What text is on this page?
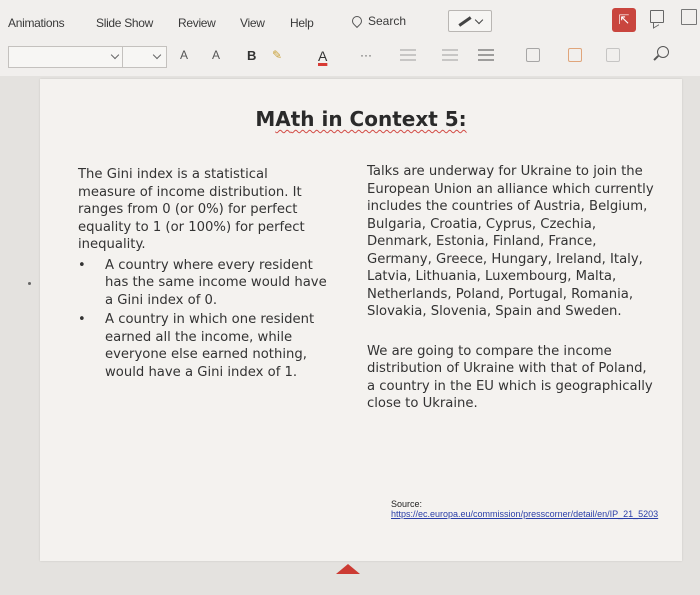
Animations	Slide Show Review View Help	Search	⇱
A A B ✎	A	···
MAth in Context 5:

The Gini index is a statistical measure of income distribution. It ranges from 0 (or 0%) for perfect equality to 1 (or 100%) for perfect inequality.

• A country where every resident has the same income would have a Gini index of 0.
• A country in which one resident earned all the income, while everyone else earned nothing, would have a Gini index of 1.

Talks are underway for Ukraine to join the European Union an alliance which currently includes the countries of Austria, Belgium, Bulgaria, Croatia, Cyprus, Czechia, Denmark, Estonia, Finland, France, Germany, Greece, Hungary, Ireland, Italy, Latvia, Lithuania, Luxembourg, Malta, Netherlands, Poland, Portugal, Romania, Slovakia, Slovenia, Spain and Sweden.

We are going to compare the income distribution of Ukraine with that of Poland, a country in the EU which is geographically close to Ukraine.

Source:
https://ec.europa.eu/commission/presscorner/detail/en/IP_21_5203
